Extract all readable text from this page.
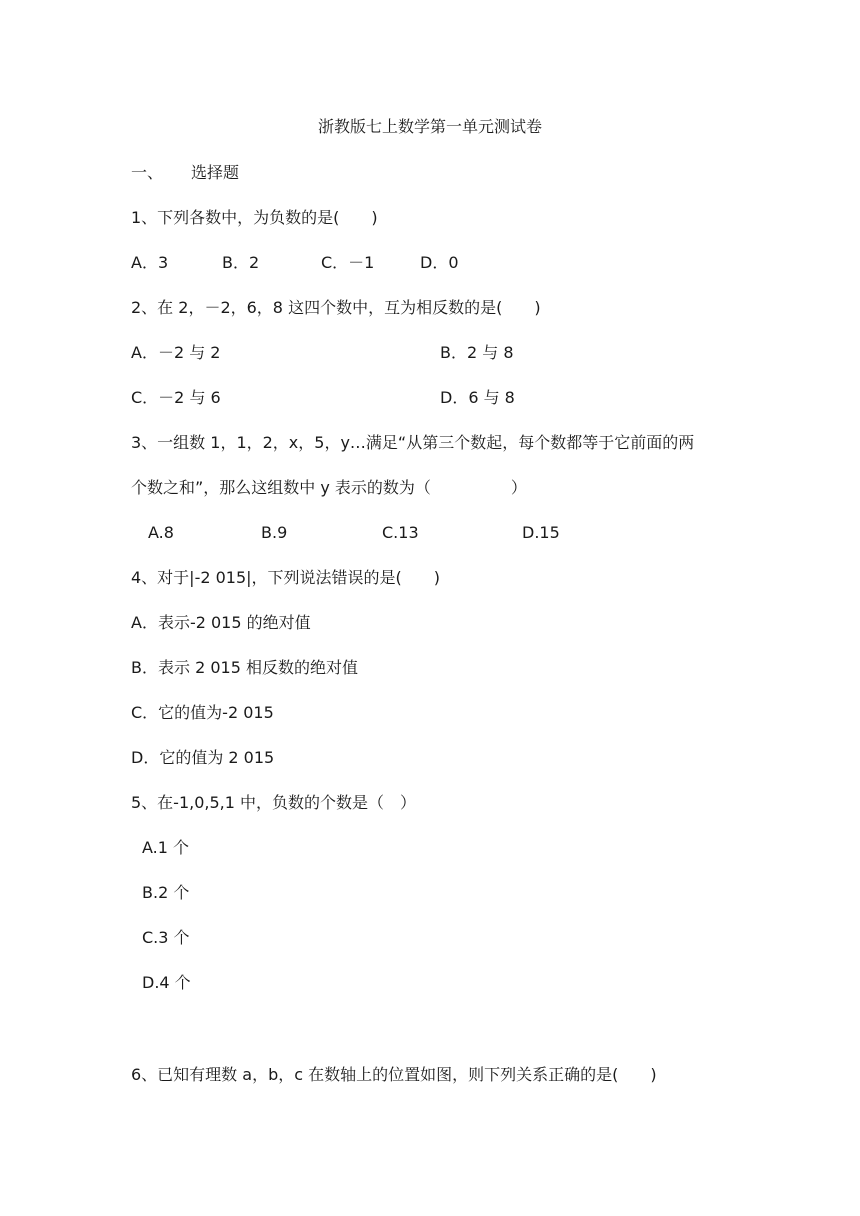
浙教版七上数学第一单元测试卷
一、 选择题
1、下列各数中，为负数的是(　　)
A．3	B．2	C．－1	D．0
2、在 2，－2，6，8 这四个数中，互为相反数的是(　　)
A．－2 与 2	B．2 与 8
C．－2 与 6	D．6 与 8
3、一组数 1，1，2，x，5，y…满足“从第三个数起，每个数都等于它前面的两
个数之和”，那么这组数中 y 表示的数为（　　　　　）
A.8	B.9	C.13	D.15
4、对于|-2 015|，下列说法错误的是(　　)
A．表示-2 015 的绝对值
B．表示 2 015 相反数的绝对值
C．它的值为-2 015
D．它的值为 2 015
5、在-1,0,5,1 中，负数的个数是（　）
A.1 个
B.2 个
C.3 个
D.4 个
6、已知有理数 a，b，c 在数轴上的位置如图，则下列关系正确的是(　　)
